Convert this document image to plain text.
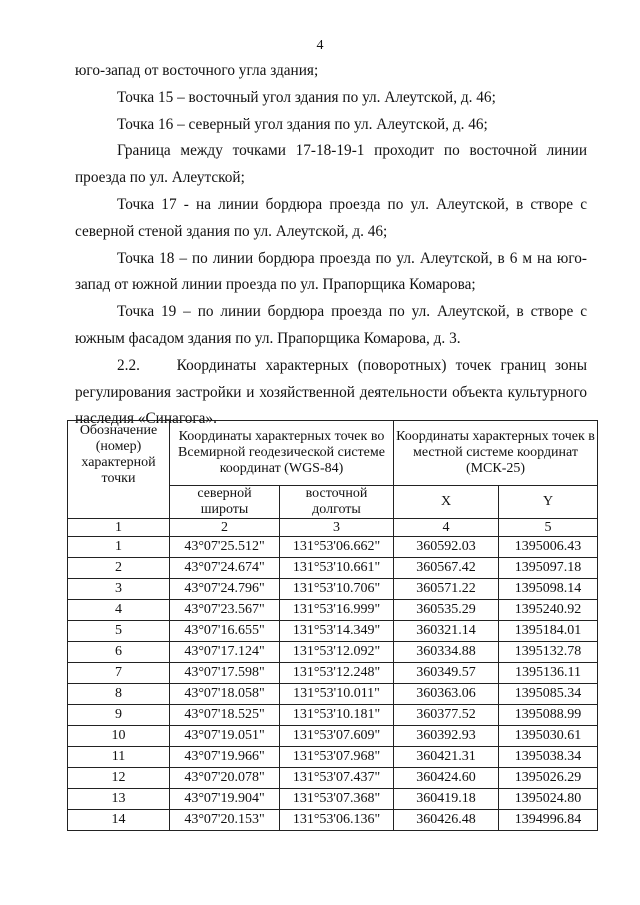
4

юго-запад от восточного угла здания;

Точка 15 – восточный угол здания по ул. Алеутской, д. 46;

Точка 16 – северный угол здания по ул. Алеутской, д. 46;

Граница между точками 17-18-19-1 проходит по восточной линии проезда по ул. Алеутской;

Точка 17 - на линии бордюра проезда по ул. Алеутской, в створе с северной стеной здания по ул. Алеутской, д. 46;

Точка 18 – по линии бордюра проезда по ул. Алеутской, в 6 м на юго-запад от южной линии проезда по ул. Прапорщика Комарова;

Точка 19 – по линии бордюра проезда по ул. Алеутской, в створе с южным фасадом здания по ул. Прапорщика Комарова, д. 3.

2.2.    Координаты характерных (поворотных) точек границ зоны регулирования застройки и хозяйственной деятельности объекта культурного наследия «Синагога».

Обозначение (номер) характерной точки	Координаты характерных точек во Всемирной геодезической системе координат (WGS-84)		Координаты характерных точек в местной системе координат (МСК-25)	
	северной широты	восточной долготы	X	Y
1	2	3	4	5
1	43°07'25.512"	131°53'06.662"	360592.03	1395006.43
2	43°07'24.674"	131°53'10.661"	360567.42	1395097.18
3	43°07'24.796"	131°53'10.706"	360571.22	1395098.14
4	43°07'23.567"	131°53'16.999"	360535.29	1395240.92
5	43°07'16.655"	131°53'14.349"	360321.14	1395184.01
6	43°07'17.124"	131°53'12.092"	360334.88	1395132.78
7	43°07'17.598"	131°53'12.248"	360349.57	1395136.11
8	43°07'18.058"	131°53'10.011"	360363.06	1395085.34
9	43°07'18.525"	131°53'10.181"	360377.52	1395088.99
10	43°07'19.051"	131°53'07.609"	360392.93	1395030.61
11	43°07'19.966"	131°53'07.968"	360421.31	1395038.34
12	43°07'20.078"	131°53'07.437"	360424.60	1395026.29
13	43°07'19.904"	131°53'07.368"	360419.18	1395024.80
14	43°07'20.153"	131°53'06.136"	360426.48	1394996.84
